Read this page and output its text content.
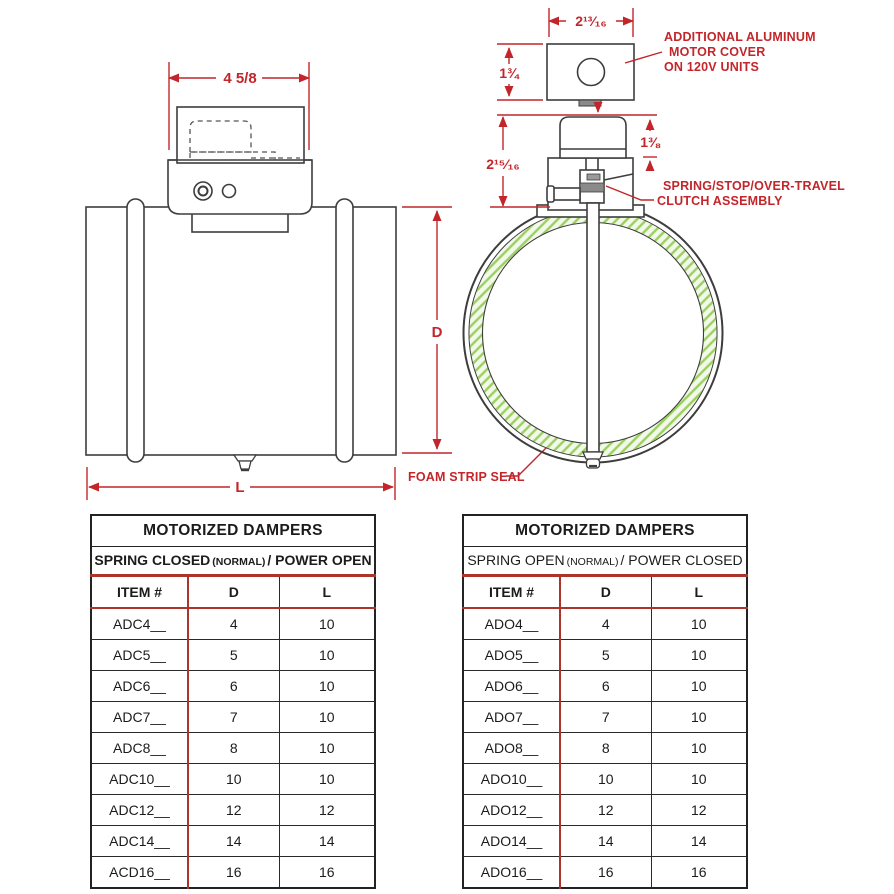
4 5/8
D
L
FOAM STRIP SEAL
2¹³⁄₁₆
1¾
2¹⁵⁄₁₆
1⅜
ADDITIONAL ALUMINUM
MOTOR COVER
ON 120V UNITS
SPRING/STOP/OVER-TRAVEL
CLUTCH ASSEMBLY
MOTORIZED DAMPERS		
SPRING CLOSED (NORMAL) / POWER OPEN		
ITEM #	D	L
ADC4__	4	10
ADC5__	5	10
ADC6__	6	10
ADC7__	7	10
ADC8__	8	10
ADC10__	10	10
ADC12__	12	12
ADC14__	14	14
ACD16__	16	16
MOTORIZED DAMPERS		
SPRING OPEN (NORMAL) / POWER CLOSED		
ITEM #	D	L
ADO4__	4	10
ADO5__	5	10
ADO6__	6	10
ADO7__	7	10
ADO8__	8	10
ADO10__	10	10
ADO12__	12	12
ADO14__	14	14
ADO16__	16	16
